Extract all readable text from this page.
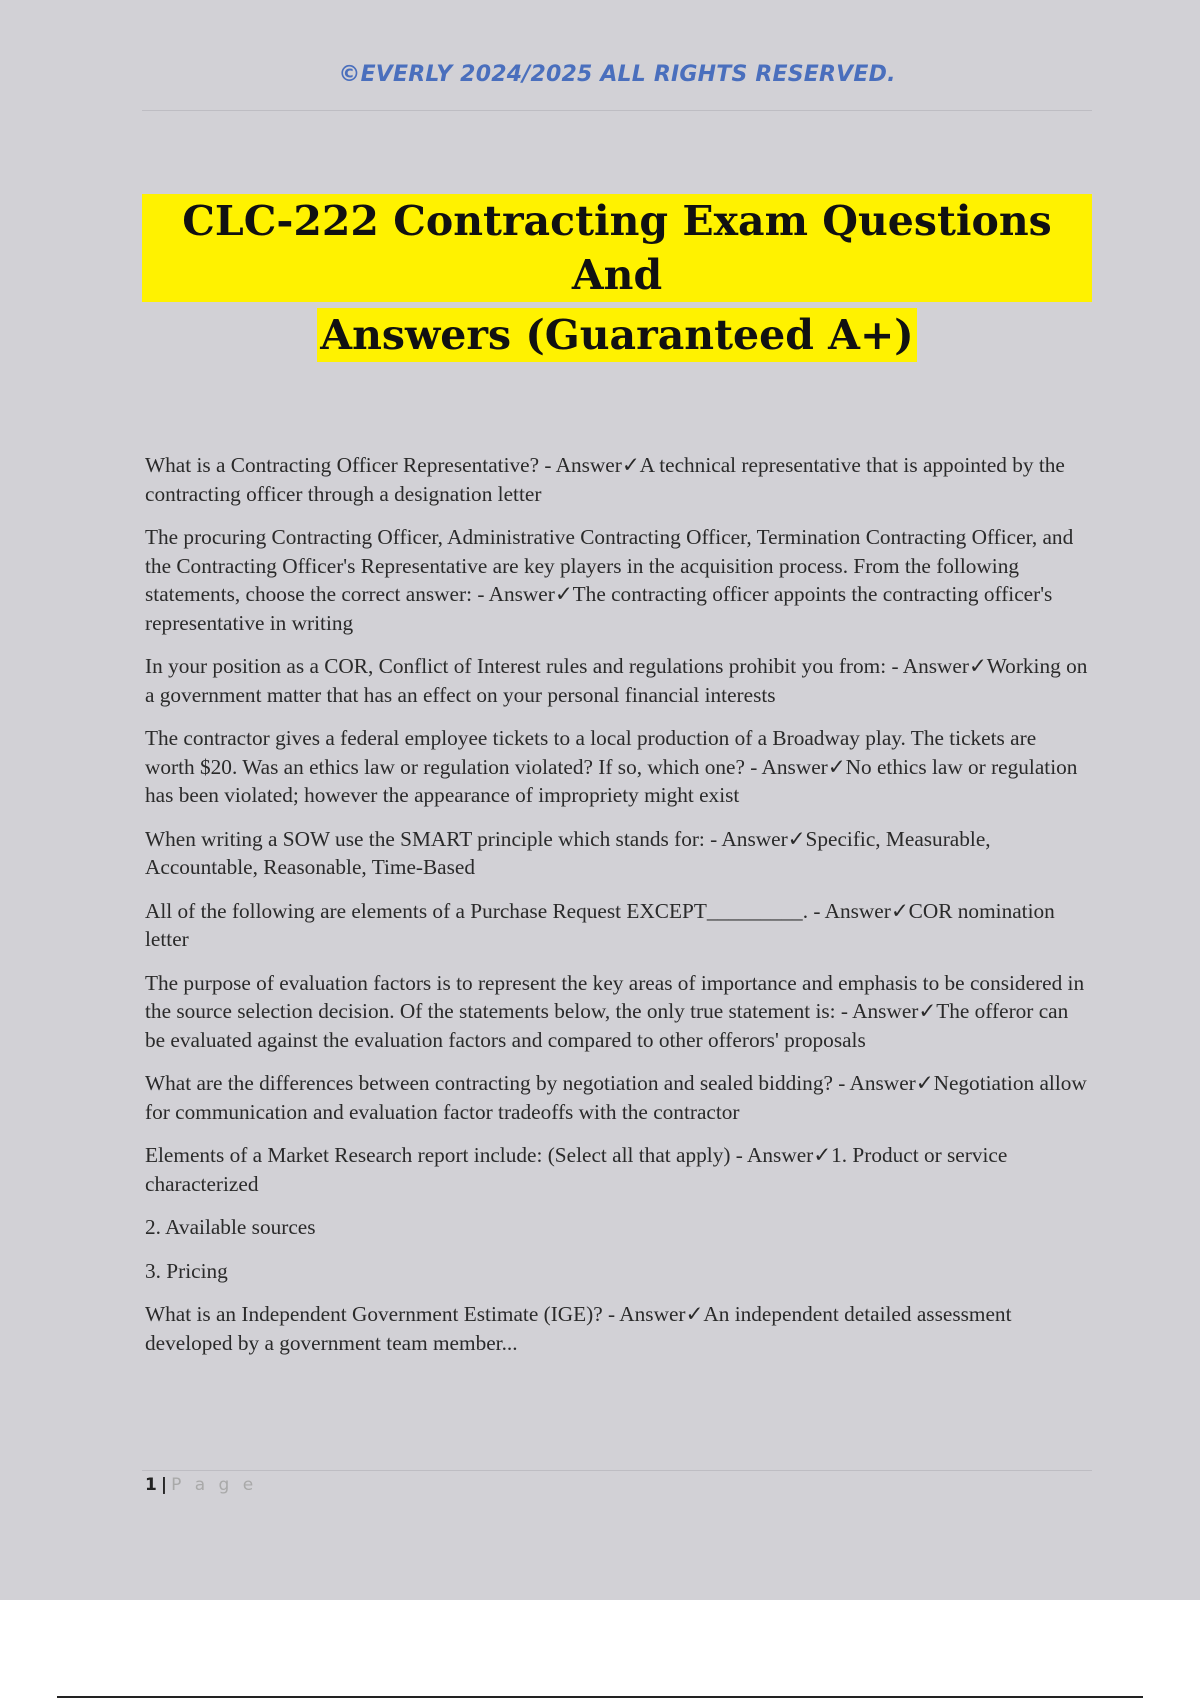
©EVERLY 2024/2025 ALL RIGHTS RESERVED.
CLC-222 Contracting Exam Questions And
Answers (Guaranteed A+)

What is a Contracting Officer Representative? - Answer✓A technical representative that is appointed by the contracting officer through a designation letter

The procuring Contracting Officer, Administrative Contracting Officer, Termination Contracting Officer, and the Contracting Officer's Representative are key players in the acquisition process. From the following statements, choose the correct answer: - Answer✓The contracting officer appoints the contracting officer's representative in writing

In your position as a COR, Conflict of Interest rules and regulations prohibit you from: - Answer✓Working on a government matter that has an effect on your personal financial interests

The contractor gives a federal employee tickets to a local production of a Broadway play. The tickets are worth $20. Was an ethics law or regulation violated? If so, which one? - Answer✓No ethics law or regulation has been violated; however the appearance of impropriety might exist

When writing a SOW use the SMART principle which stands for: - Answer✓Specific, Measurable, Accountable, Reasonable, Time-Based

All of the following are elements of a Purchase Request EXCEPT_________. - Answer✓COR nomination letter

The purpose of evaluation factors is to represent the key areas of importance and emphasis to be considered in the source selection decision. Of the statements below, the only true statement is: - Answer✓The offeror can be evaluated against the evaluation factors and compared to other offerors' proposals

What are the differences between contracting by negotiation and sealed bidding? - Answer✓Negotiation allow for communication and evaluation factor tradeoffs with the contractor

Elements of a Market Research report include: (Select all that apply) - Answer✓1. Product or service characterized

2. Available sources

3. Pricing

What is an Independent Government Estimate (IGE)? - Answer✓An independent detailed assessment developed by a government team member...

1 | P a g e
